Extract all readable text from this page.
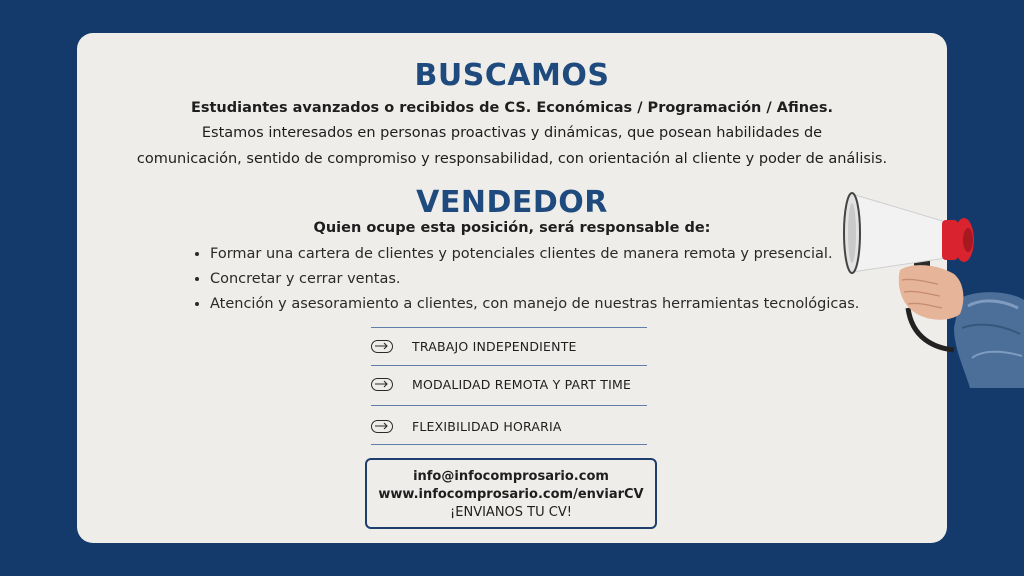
BUSCAMOS
Estudiantes avanzados o recibidos de CS. Económicas / Programación / Afines.
Estamos interesados en personas proactivas y dinámicas, que posean habilidades de
comunicación, sentido de compromiso y responsabilidad, con orientación al cliente y poder de análisis.
VENDEDOR
Quien ocupe esta posición, será responsable de:
• Formar una cartera de clientes y potenciales clientes de manera remota y presencial.
• Concretar y cerrar ventas.
• Atención y asesoramiento a clientes, con manejo de nuestras herramientas tecnológicas.
TRABAJO INDEPENDIENTE
MODALIDAD REMOTA Y PART TIME
FLEXIBILIDAD HORARIA
info@infocomprosario.com
www.infocomprosario.com/enviarCV
¡ENVIANOS TU CV!
